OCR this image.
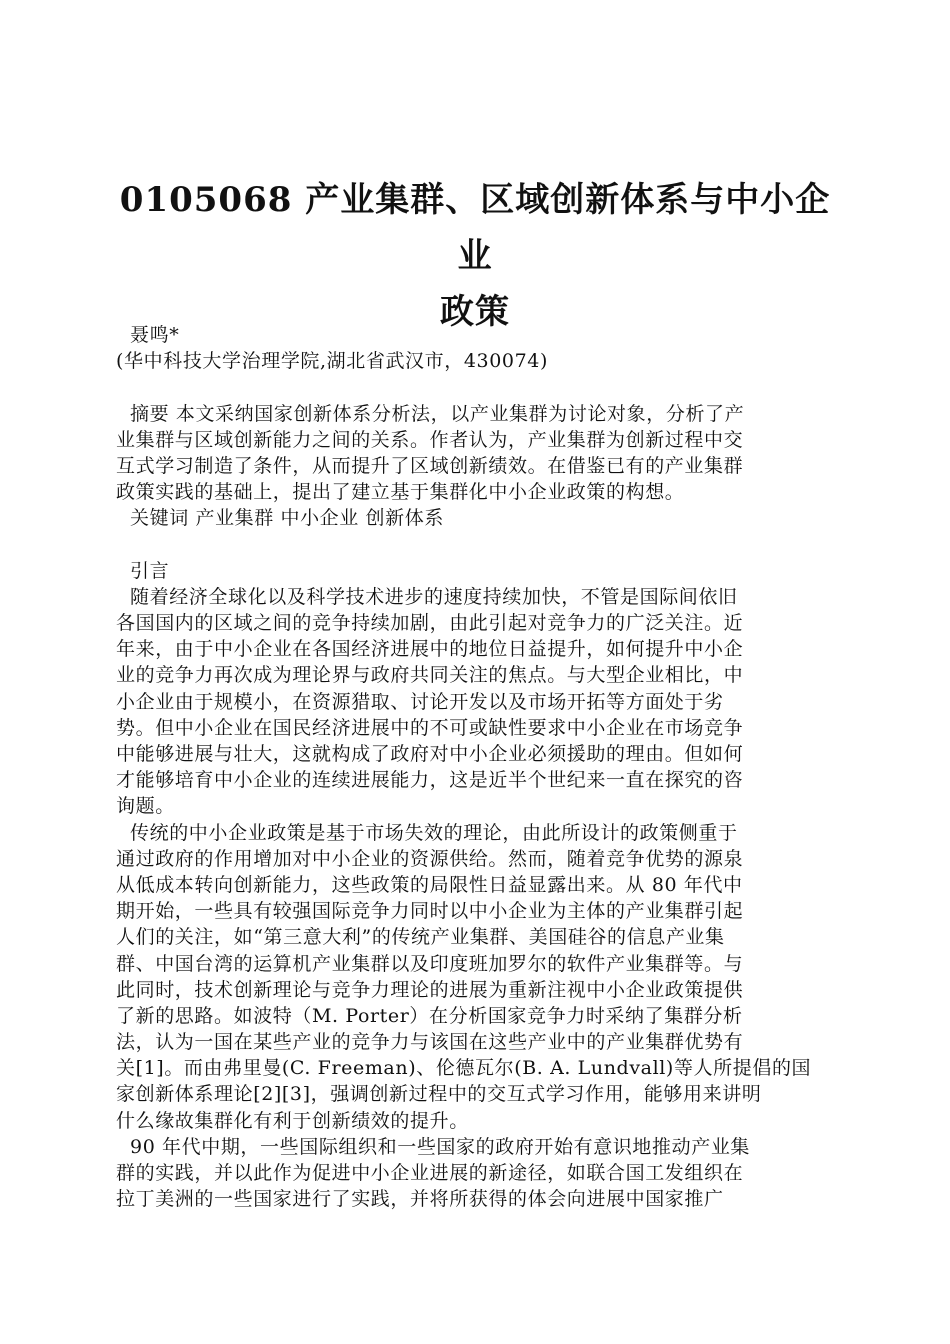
0105068 产业集群、区域创新体系与中小企业
政策
聂鸣*
(华中科技大学治理学院,湖北省武汉市，430074)
摘要 本文采纳国家创新体系分析法，以产业集群为讨论对象，分析了产
业集群与区域创新能力之间的关系。作者认为，产业集群为创新过程中交
互式学习制造了条件，从而提升了区域创新绩效。在借鉴已有的产业集群
政策实践的基础上，提出了建立基于集群化中小企业政策的构想。
关键词 产业集群 中小企业 创新体系
引言
随着经济全球化以及科学技术进步的速度持续加快，不管是国际间依旧
各国国内的区域之间的竞争持续加剧，由此引起对竞争力的广泛关注。近
年来，由于中小企业在各国经济进展中的地位日益提升，如何提升中小企
业的竞争力再次成为理论界与政府共同关注的焦点。与大型企业相比，中
小企业由于规模小，在资源猎取、讨论开发以及市场开拓等方面处于劣
势。但中小企业在国民经济进展中的不可或缺性要求中小企业在市场竞争
中能够进展与壮大，这就构成了政府对中小企业必须援助的理由。但如何
才能够培育中小企业的连续进展能力，这是近半个世纪来一直在探究的咨
询题。
传统的中小企业政策是基于市场失效的理论，由此所设计的政策侧重于
通过政府的作用增加对中小企业的资源供给。然而，随着竞争优势的源泉
从低成本转向创新能力，这些政策的局限性日益显露出来。从 80 年代中
期开始，一些具有较强国际竞争力同时以中小企业为主体的产业集群引起
人们的关注，如“第三意大利”的传统产业集群、美国硅谷的信息产业集
群、中国台湾的运算机产业集群以及印度班加罗尔的软件产业集群等。与
此同时，技术创新理论与竞争力理论的进展为重新注视中小企业政策提供
了新的思路。如波特（M. Porter）在分析国家竞争力时采纳了集群分析
法，认为一国在某些产业的竞争力与该国在这些产业中的产业集群优势有
关[1]。而由弗里曼(C. Freeman)、伦德瓦尔(B. A. Lundvall)等人所提倡的国
家创新体系理论[2][3]，强调创新过程中的交互式学习作用，能够用来讲明
什么缘故集群化有利于创新绩效的提升。
90 年代中期，一些国际组织和一些国家的政府开始有意识地推动产业集
群的实践，并以此作为促进中小企业进展的新途径，如联合国工发组织在
拉丁美洲的一些国家进行了实践，并将所获得的体会向进展中国家推广
